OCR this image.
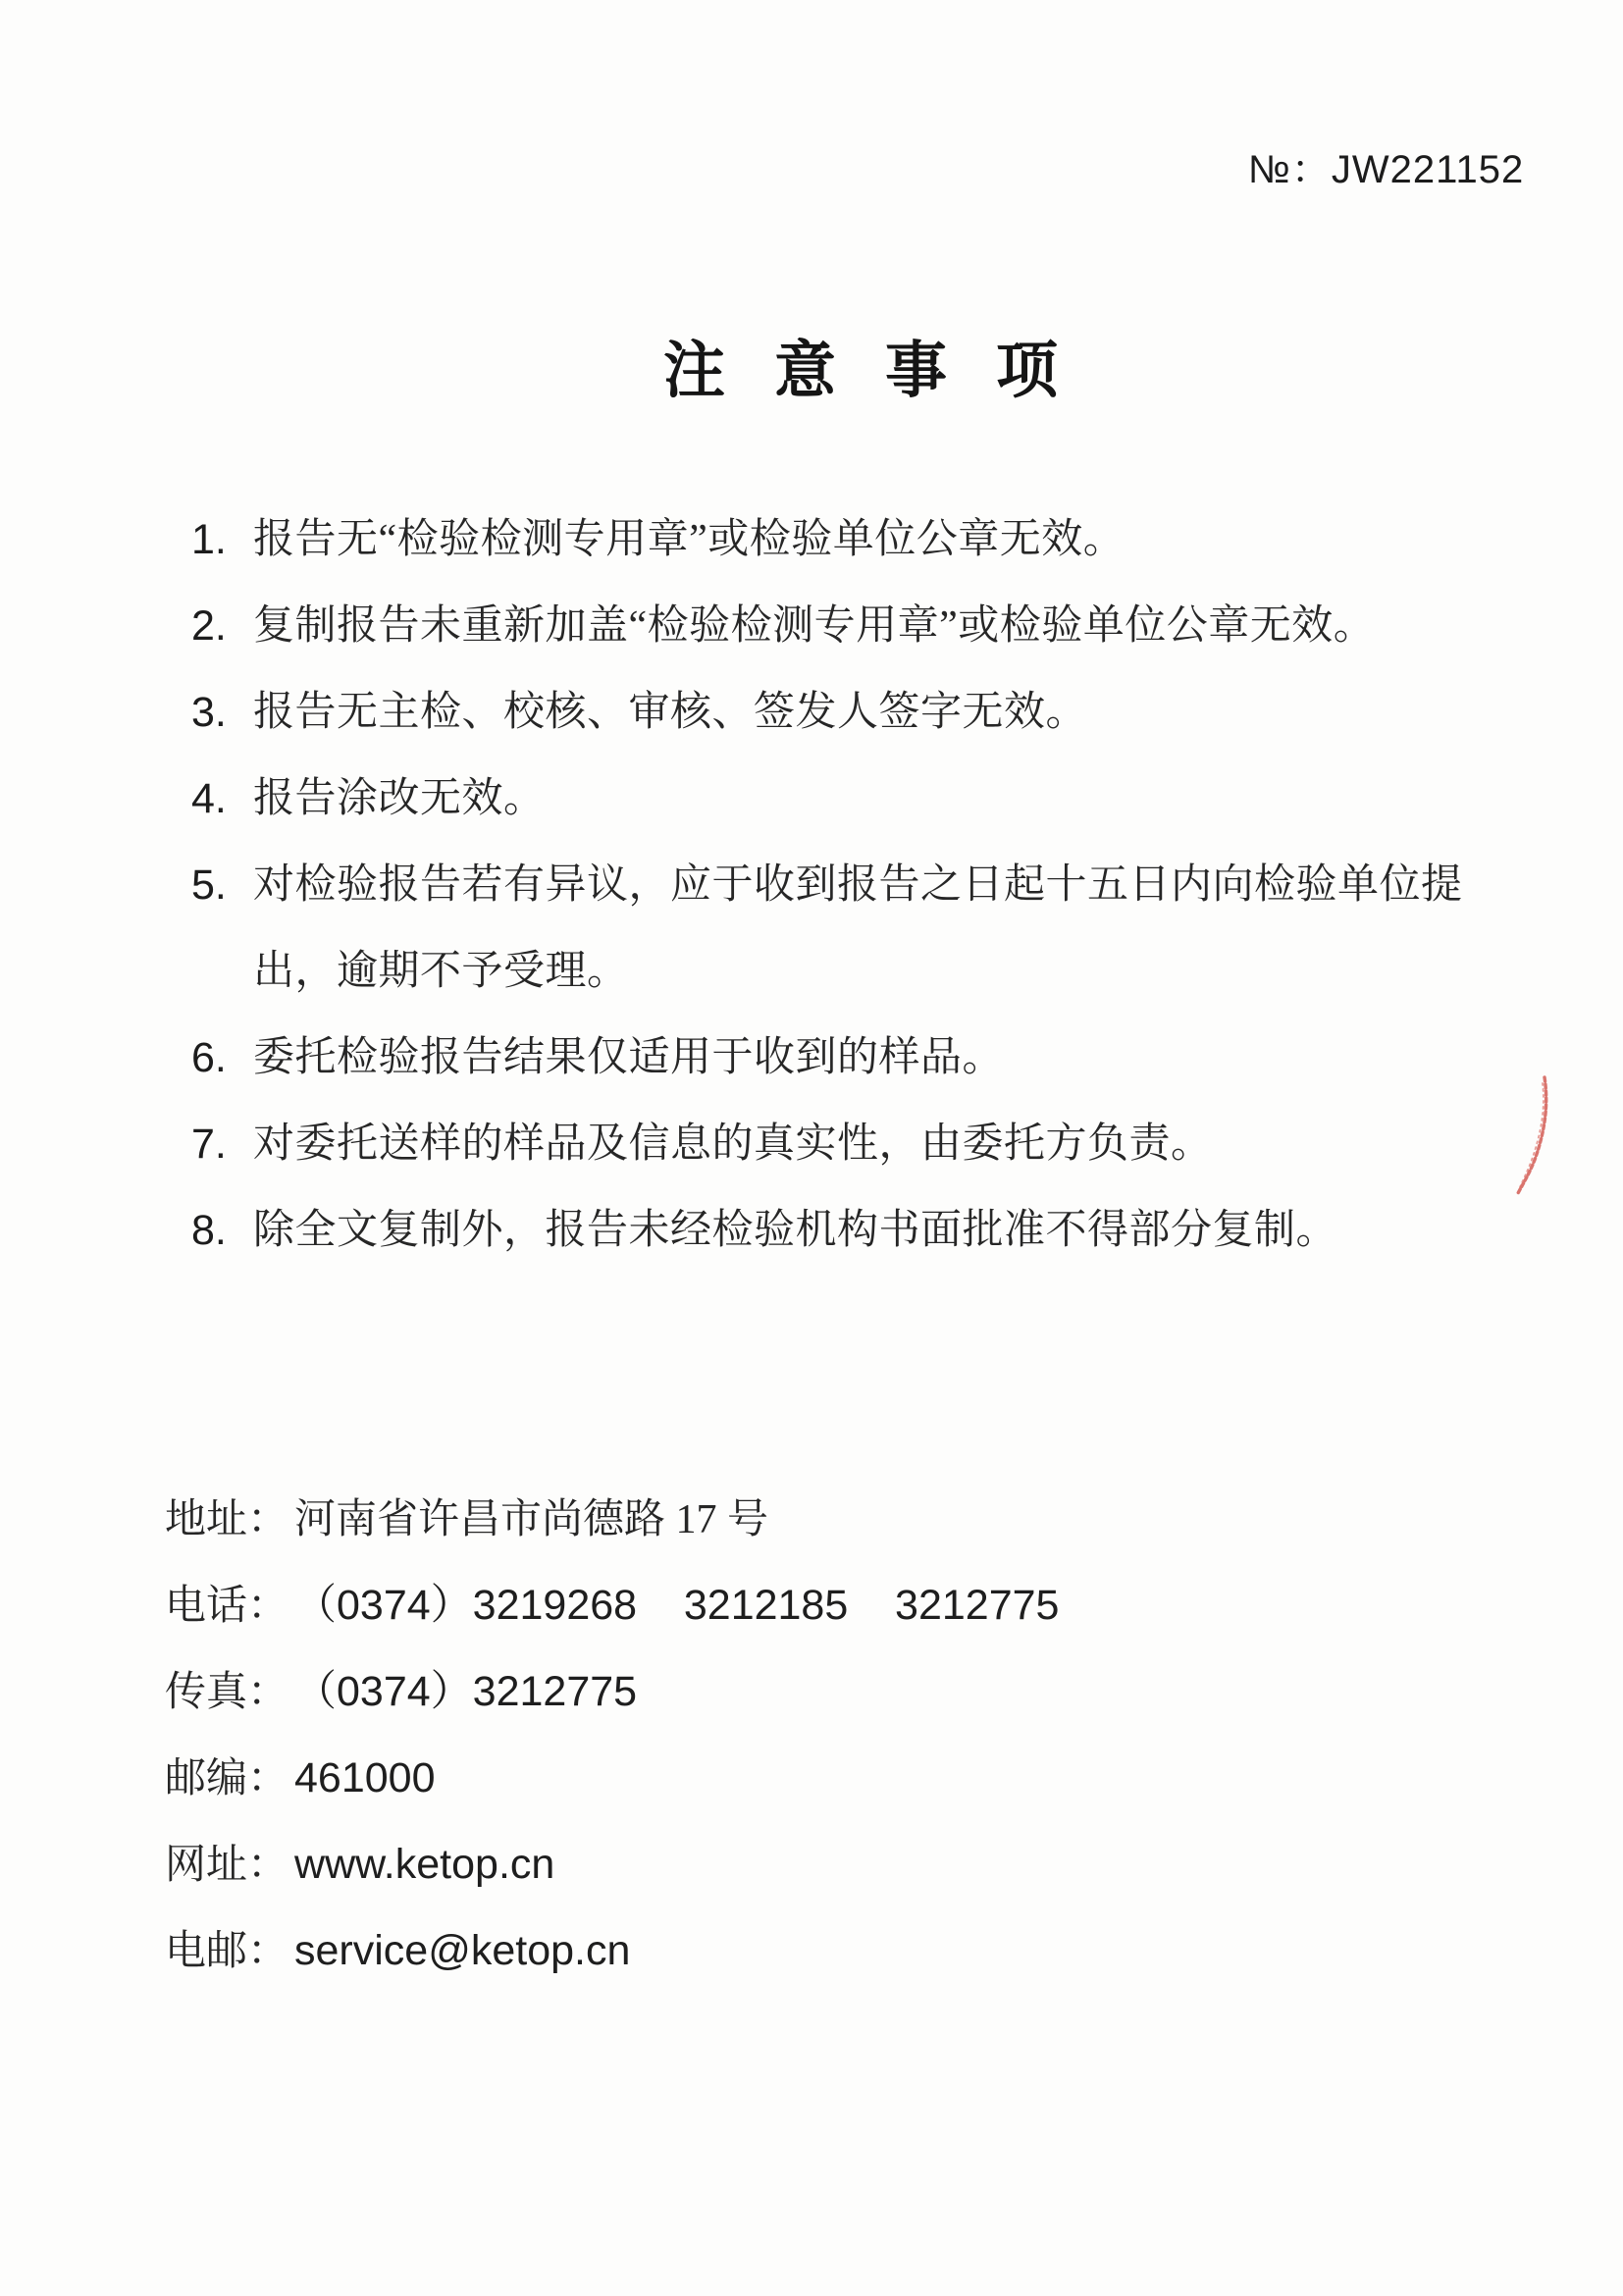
№：JW221152
注意事项
1. 报告无“检验检测专用章”或检验单位公章无效。
2. 复制报告未重新加盖“检验检测专用章”或检验单位公章无效。
3. 报告无主检、校核、审核、签发人签字无效。
4. 报告涂改无效。
5. 对检验报告若有异议，应于收到报告之日起十五日内向检验单位提出，逾期不予受理。
6. 委托检验报告结果仅适用于收到的样品。
7. 对委托送样的样品及信息的真实性，由委托方负责。
8. 除全文复制外，报告未经检验机构书面批准不得部分复制。
地址： 河南省许昌市尚德路 17 号
电话： （0374）3219268    3212185    3212775
传真： （0374）3212775
邮编： 461000
网址： www.ketop.cn
电邮： service@ketop.cn
